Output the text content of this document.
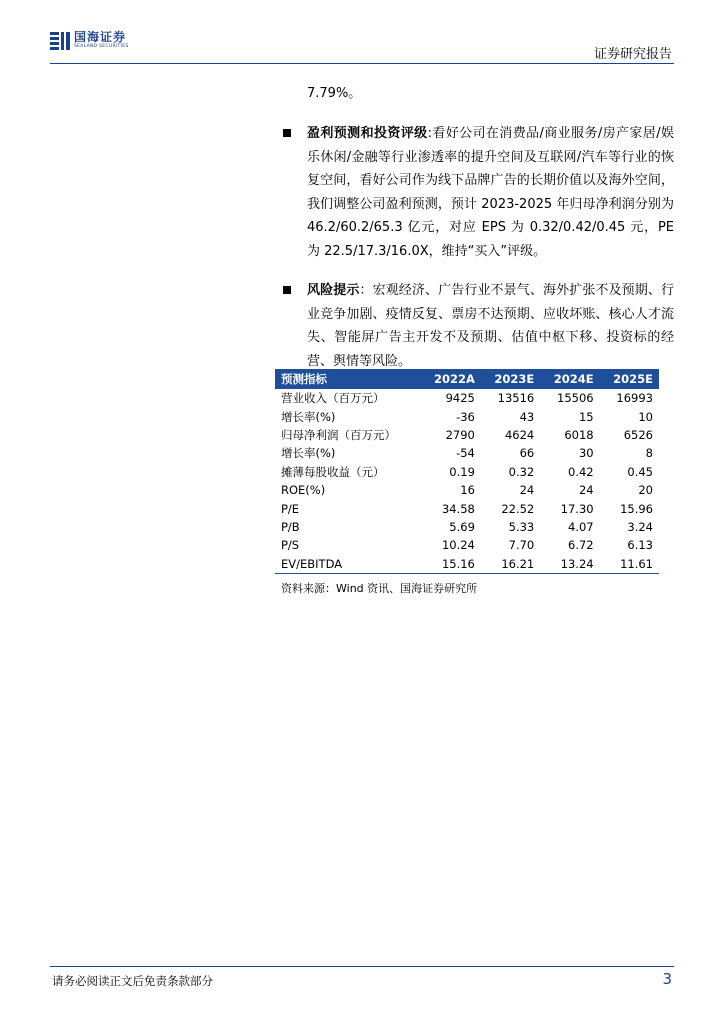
国海证券
SEALAND SECURITIES
证券研究报告
7.79%。
盈利预测和投资评级:看好公司在消费品/商业服务/房产家居/娱乐休闲/金融等行业渗透率的提升空间及互联网/汽车等行业的恢复空间，看好公司作为线下品牌广告的长期价值以及海外空间，我们调整公司盈利预测，预计 2023-2025 年归母净利润分别为 46.2/60.2/65.3 亿元，对应 EPS 为 0.32/0.42/0.45 元，PE 为 22.5/17.3/16.0X，维持“买入”评级。
风险提示：宏观经济、广告行业不景气、海外扩张不及预期、行业竞争加剧、疫情反复、票房不达预期、应收坏账、核心人才流失、智能屏广告主开发不及预期、估值中枢下移、投资标的经营、舆情等风险。
预测指标	2022A	2023E	2024E	2025E
营业收入（百万元）	9425	13516	15506	16993
增长率(%)	-36	43	15	10
归母净利润（百万元）	2790	4624	6018	6526
增长率(%)	-54	66	30	8
摊薄每股收益（元）	0.19	0.32	0.42	0.45
ROE(%)	16	24	24	20
P/E	34.58	22.52	17.30	15.96
P/B	5.69	5.33	4.07	3.24
P/S	10.24	7.70	6.72	6.13
EV/EBITDA	15.16	16.21	13.24	11.61
资料来源：Wind 资讯、国海证券研究所
请务必阅读正文后免责条款部分	3
